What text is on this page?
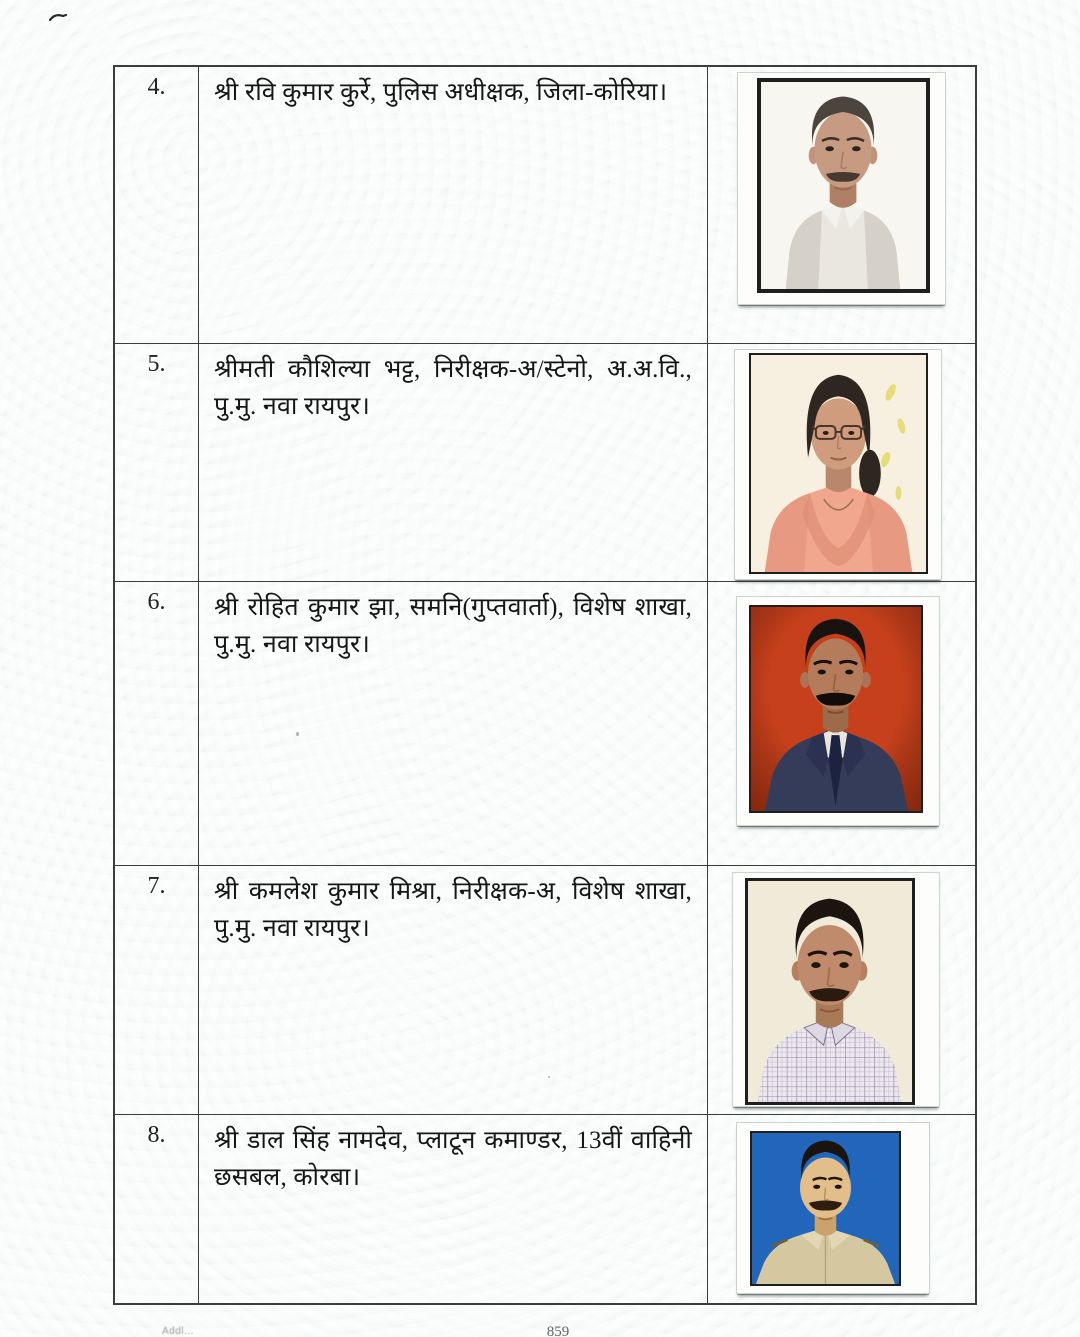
4.	श्री रवि कुमार कुर्रे, पुलिस अधीक्षक, जिला-कोरिया।
5.	श्रीमती कौशिल्या भट्ट, निरीक्षक-अ/स्टेनो, अ.अ.वि., पु.मु. नवा रायपुर।
6.	श्री रोहित कुमार झा, समनि(गुप्तवार्ता), विशेष शाखा, पु.मु. नवा रायपुर।
7.	श्री कमलेश कुमार मिश्रा, निरीक्षक-अ, विशेष शाखा, पु.मु. नवा रायपुर।
8.	श्री डाल सिंह नामदेव, प्लाटून कमाण्डर, 13वीं वाहिनी छसबल, कोरबा।
Addl...	859
